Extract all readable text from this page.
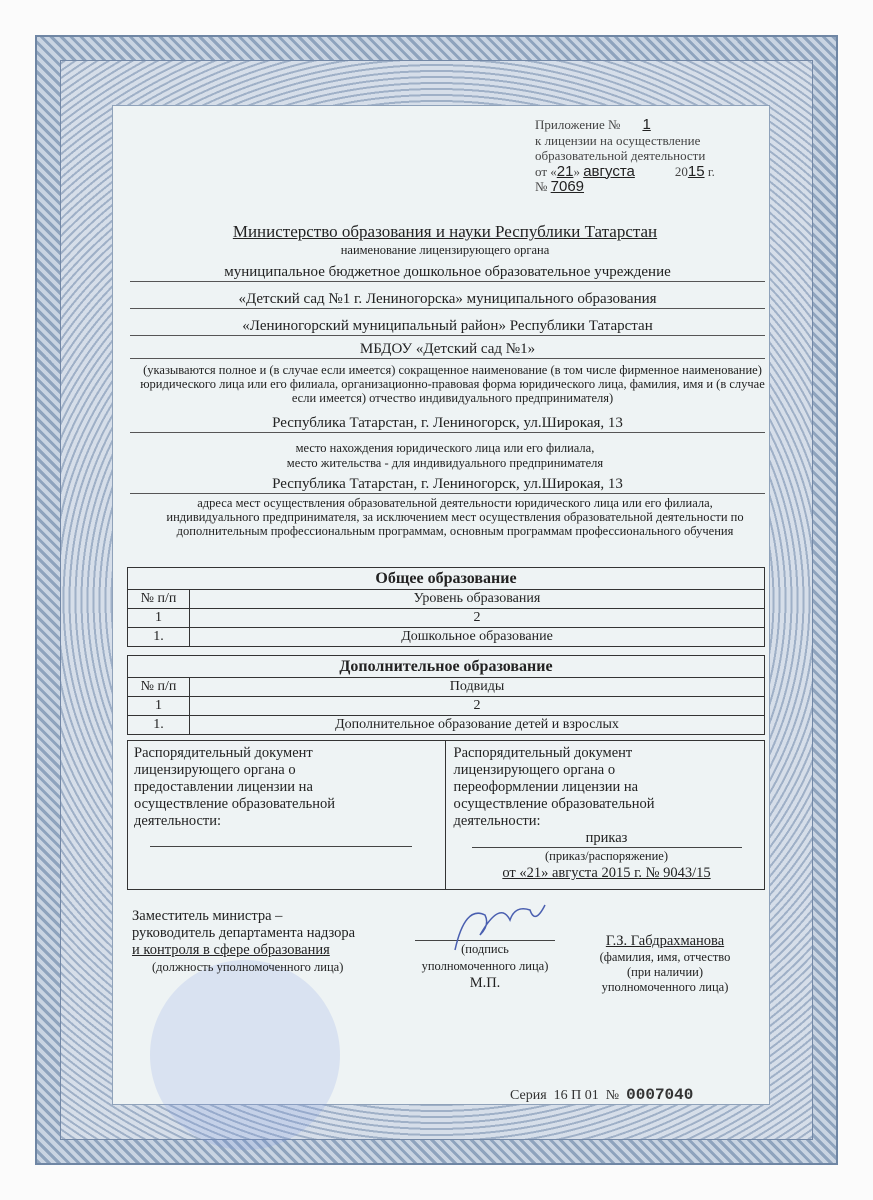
Приложение № 1
к лицензии на осуществление
образовательной деятельности
от «21» августа	2015 г.
№ 7069
Министерство образования и науки Республики Татарстан
наименование лицензирующего органа
муниципальное бюджетное дошкольное образовательное учреждение
«Детский сад №1 г. Лениногорска» муниципального образования
«Лениногорский муниципальный район» Республики Татарстан
МБДОУ «Детский сад №1»
(указываются полное и (в случае если имеется) сокращенное наименование (в том числе фирменное наименование) юридического лица или его филиала, организационно-правовая форма юридического лица, фамилия, имя и (в случае если имеется) отчество индивидуального предпринимателя)
Республика Татарстан, г. Лениногорск, ул.Широкая, 13
место нахождения юридического лица или его филиала,
место жительства - для индивидуального предпринимателя
Республика Татарстан, г. Лениногорск, ул.Широкая, 13
адреса мест осуществления образовательной деятельности юридического лица или его филиала, индивидуального предпринимателя, за исключением мест осуществления образовательной деятельности по дополнительным профессиональным программам, основным программам профессионального обучения
Общее образование	
№ п/п	Уровень образования
1	2
1.	Дошкольное образование
Дополнительное образование	
№ п/п	Подвиды
1	2
1.	Дополнительное образование детей и взрослых
Распорядительный документ лицензирующего органа о предоставлении лицензии на осуществление образовательной деятельности:
Распорядительный документ лицензирующего органа о переоформлении лицензии на осуществление образовательной деятельности:
приказ
(приказ/распоряжение)
от «21» августа 2015 г. № 9043/15
Заместитель министра –
руководитель департамента надзора
и контроля в сфере образования
(должность уполномоченного лица)
(подпись
уполномоченного лица)
М.П.
Г.З. Габдрахманова
(фамилия, имя, отчество
(при наличии)
уполномоченного лица)
Серия 16 П 01 № 0007040
